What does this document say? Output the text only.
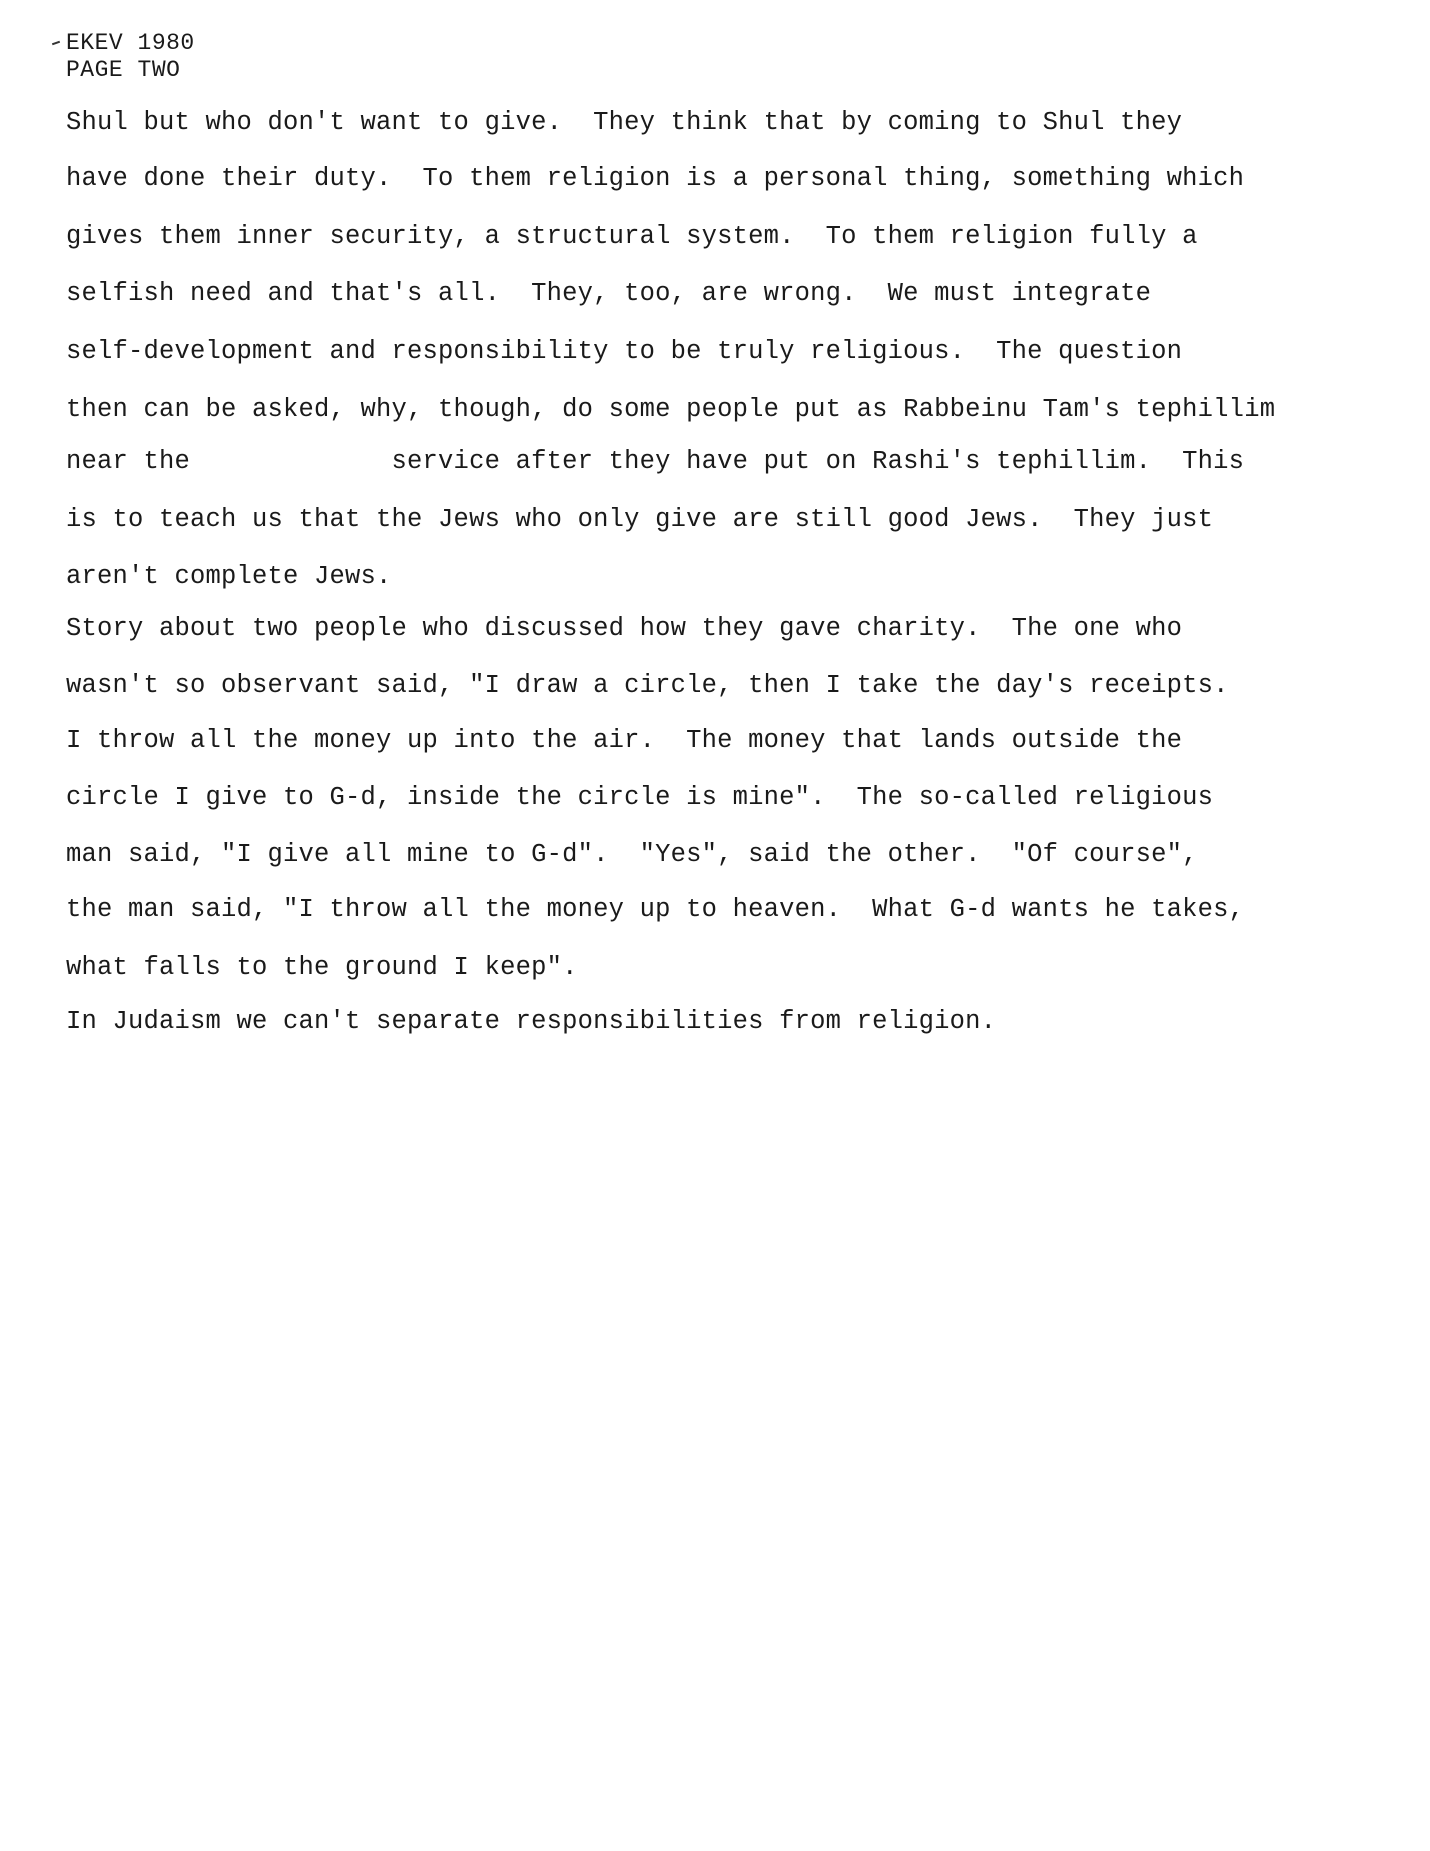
EKEV 1980
PAGE TWO
Shul but who don't want to give.  They think that by coming to Shul they
have done their duty.  To them religion is a personal thing, something which
gives them inner security, a structural system.  To them religion fully a
selfish need and that's all.  They, too, are wrong.  We must integrate
self-development and responsibility to be truly religious.  The question
then can be asked, why, though, do some people put as Rabbeinu Tam's tephillim
near the             service after they have put on Rashi's tephillim.  This
is to teach us that the Jews who only give are still good Jews.  They just
aren't complete Jews.
Story about two people who discussed how they gave charity.  The one who
wasn't so observant said, "I draw a circle, then I take the day's receipts.
I throw all the money up into the air.  The money that lands outside the
circle I give to G-d, inside the circle is mine".  The so-called religious
man said, "I give all mine to G-d".  "Yes", said the other.  "Of course",
the man said, "I throw all the money up to heaven.  What G-d wants he takes,
what falls to the ground I keep".
In Judaism we can't separate responsibilities from religion.
